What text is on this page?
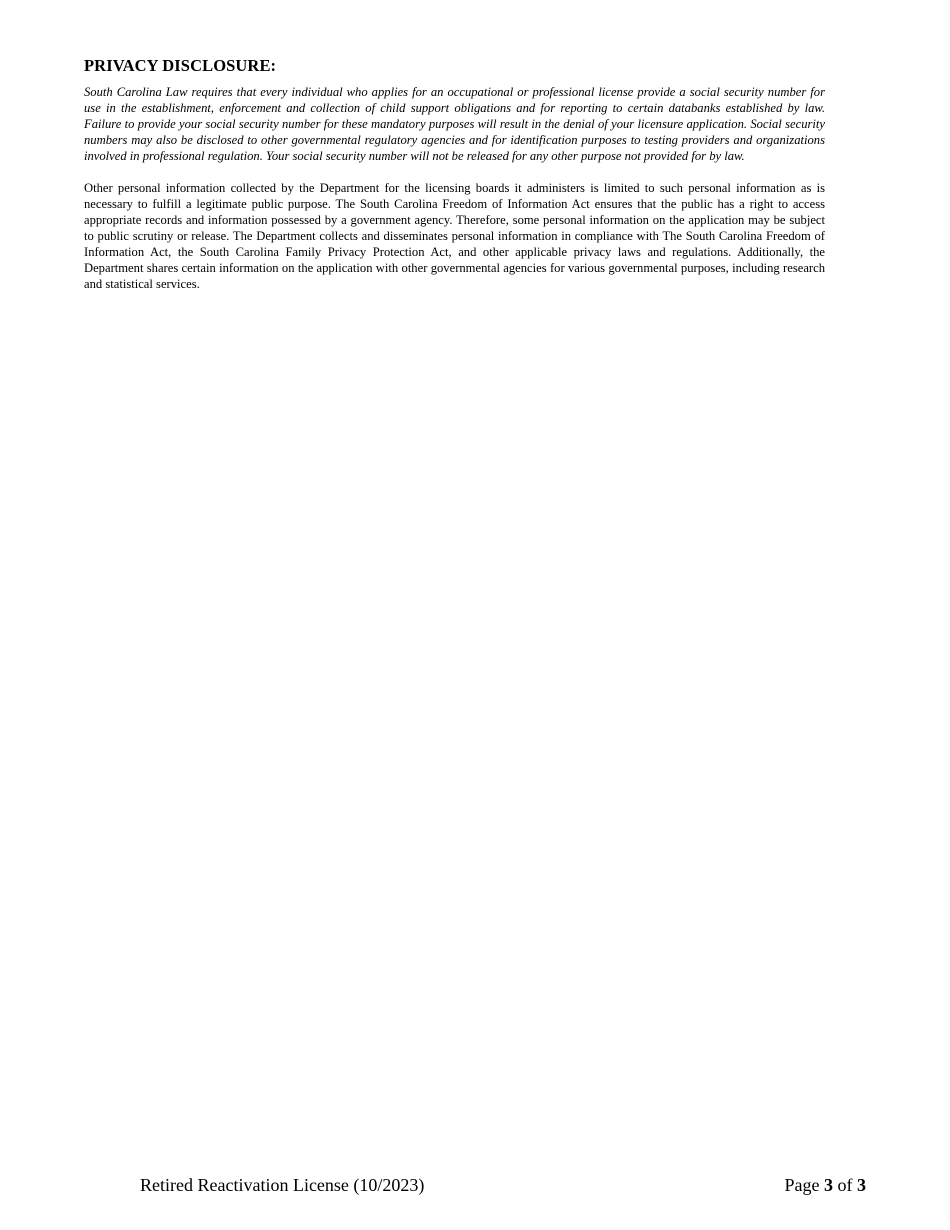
PRIVACY DISCLOSURE:

South Carolina Law requires that every individual who applies for an occupational or professional license provide a social security number for use in the establishment, enforcement and collection of child support obligations and for reporting to certain databanks established by law. Failure to provide your social security number for these mandatory purposes will result in the denial of your licensure application. Social security numbers may also be disclosed to other governmental regulatory agencies and for identification purposes to testing providers and organizations involved in professional regulation. Your social security number will not be released for any other purpose not provided for by law.

Other personal information collected by the Department for the licensing boards it administers is limited to such personal information as is necessary to fulfill a legitimate public purpose. The South Carolina Freedom of Information Act ensures that the public has a right to access appropriate records and information possessed by a government agency. Therefore, some personal information on the application may be subject to public scrutiny or release. The Department collects and disseminates personal information in compliance with The South Carolina Freedom of Information Act, the South Carolina Family Privacy Protection Act, and other applicable privacy laws and regulations. Additionally, the Department shares certain information on the application with other governmental agencies for various governmental purposes, including research and statistical services.

Retired Reactivation License (10/2023)	Page 3 of 3
